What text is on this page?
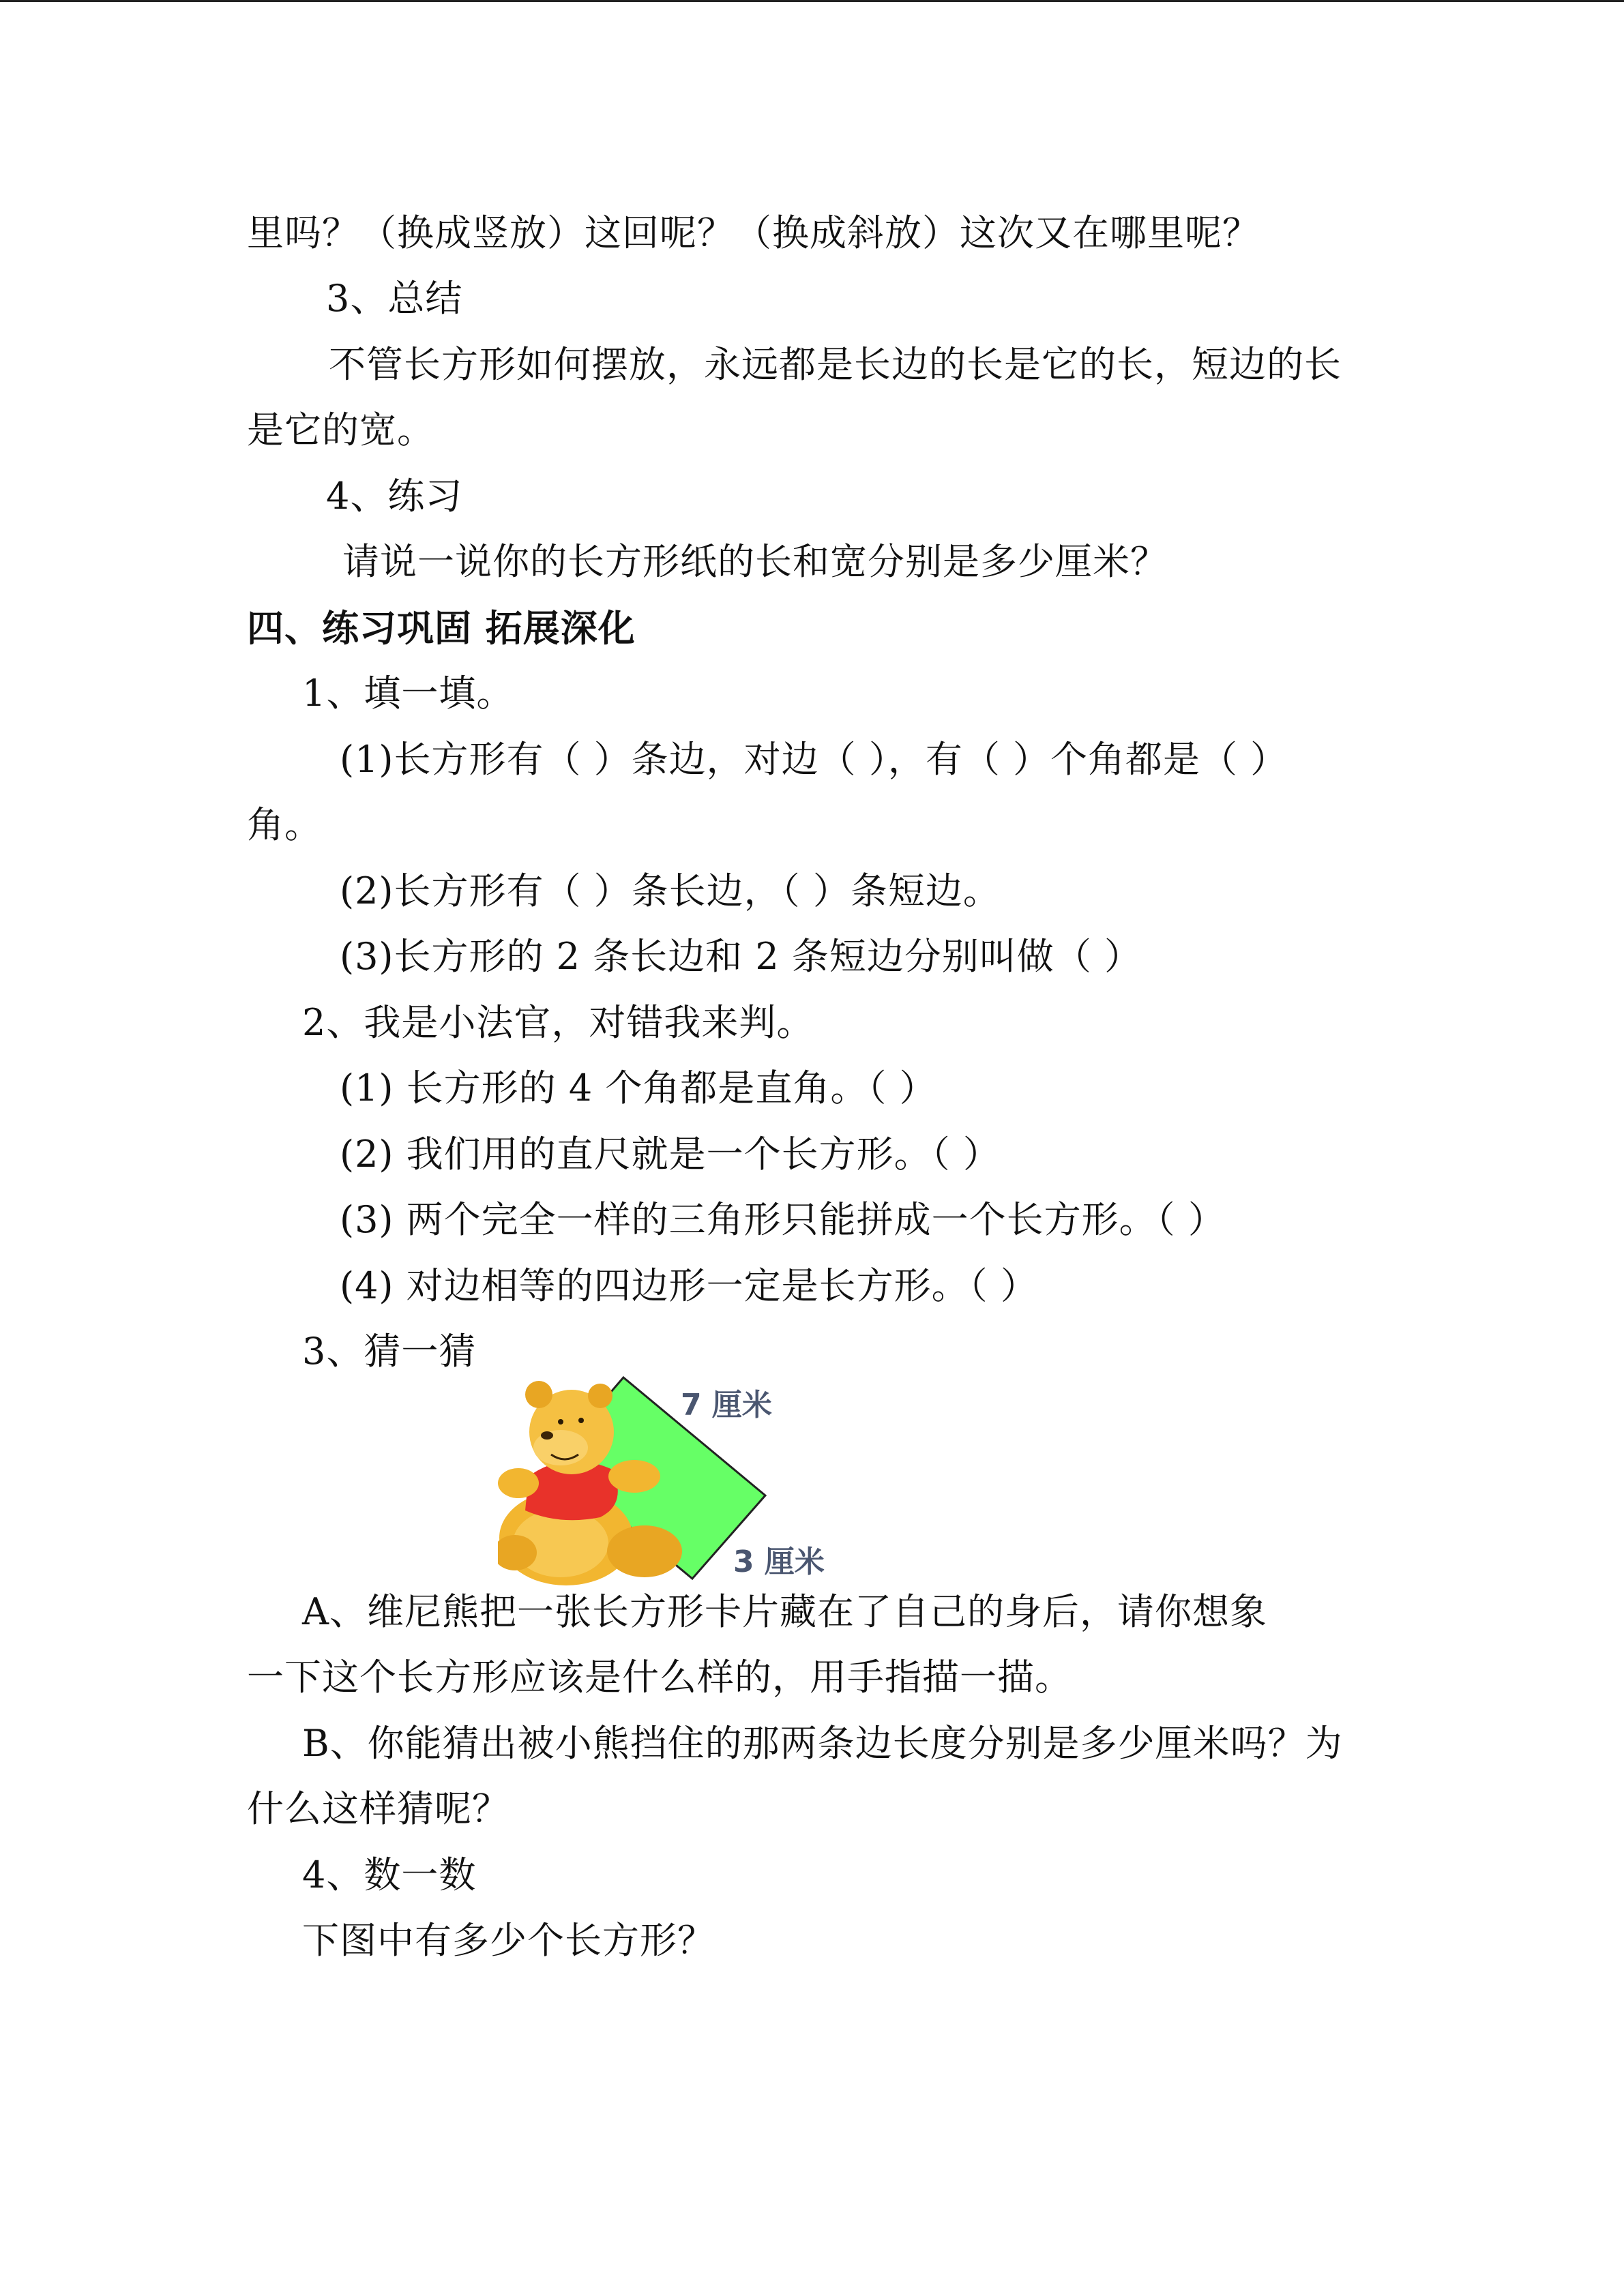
里吗？（换成竖放）这回呢？（换成斜放）这次又在哪里呢？
3、总结
不管长方形如何摆放，永远都是长边的长是它的长，短边的长
是它的宽。
4、练习
请说一说你的长方形纸的长和宽分别是多少厘米？
四、练习巩固 拓展深化
1、填一填。
(1)长方形有（ ）条边，对边（ ），有（ ）个角都是（ ）
角。
(2)长方形有（ ）条长边，（ ）条短边。
(3)长方形的 2 条长边和 2 条短边分别叫做（ ）
2、我是小法官，对错我来判。
(1) 长方形的 4 个角都是直角。（ ）
(2) 我们用的直尺就是一个长方形。（ ）
(3) 两个完全一样的三角形只能拼成一个长方形。（ ）
(4) 对边相等的四边形一定是长方形。（ ）
3、猜一猜
7 厘米
3 厘米
A、维尼熊把一张长方形卡片藏在了自己的身后，请你想象
一下这个长方形应该是什么样的，用手指描一描。
B、你能猜出被小熊挡住的那两条边长度分别是多少厘米吗？为
什么这样猜呢？
4、数一数
下图中有多少个长方形？
